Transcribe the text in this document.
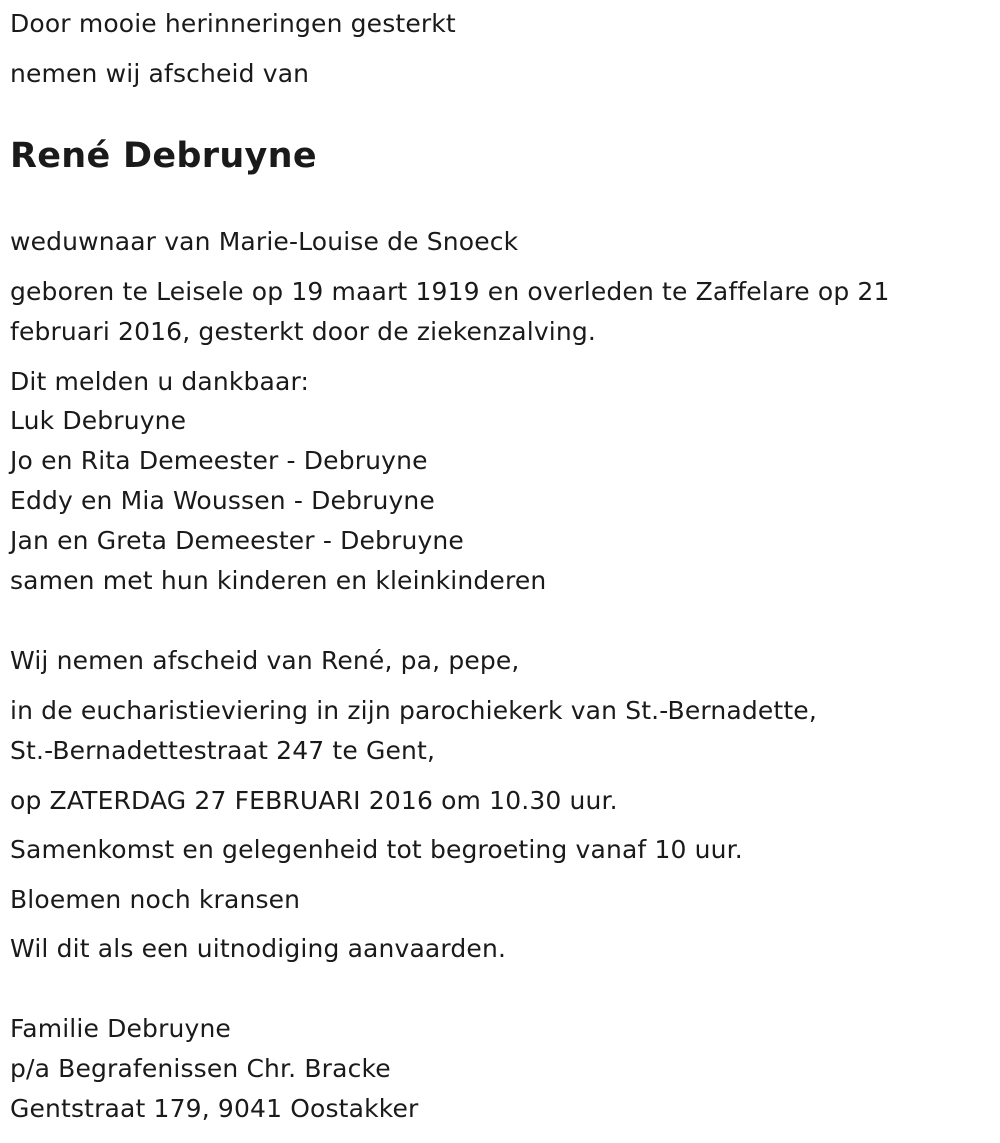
Door mooie herinneringen gesterkt
nemen wij afscheid van
René Debruyne
weduwnaar van Marie-Louise de Snoeck
geboren te Leisele op 19 maart 1919 en overleden te Zaffelare op 21
februari 2016, gesterkt door de ziekenzalving.
Dit melden u dankbaar:
Luk Debruyne
Jo en Rita Demeester - Debruyne
Eddy en Mia Woussen - Debruyne
Jan en Greta Demeester - Debruyne
samen met hun kinderen en kleinkinderen
Wij nemen afscheid van René, pa, pepe,
in de eucharistieviering in zijn parochiekerk van St.-Bernadette,
St.-Bernadettestraat 247 te Gent,
op ZATERDAG 27 FEBRUARI 2016 om 10.30 uur.
Samenkomst en gelegenheid tot begroeting vanaf 10 uur.
Bloemen noch kransen
Wil dit als een uitnodiging aanvaarden.
Familie Debruyne
p/a Begrafenissen Chr. Bracke
Gentstraat 179, 9041 Oostakker
